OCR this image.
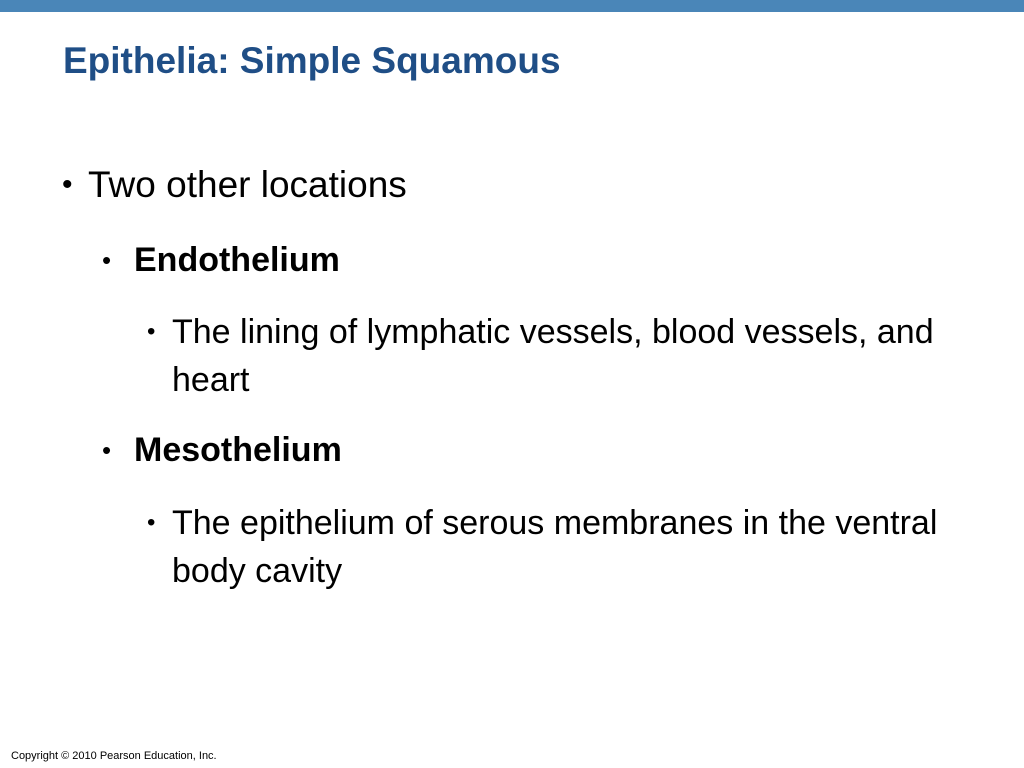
Epithelia: Simple Squamous
• Two other locations
• Endothelium
• The lining of lymphatic vessels, blood vessels, and heart
• Mesothelium
• The epithelium of serous membranes in the ventral body cavity
Copyright © 2010 Pearson Education, Inc.
